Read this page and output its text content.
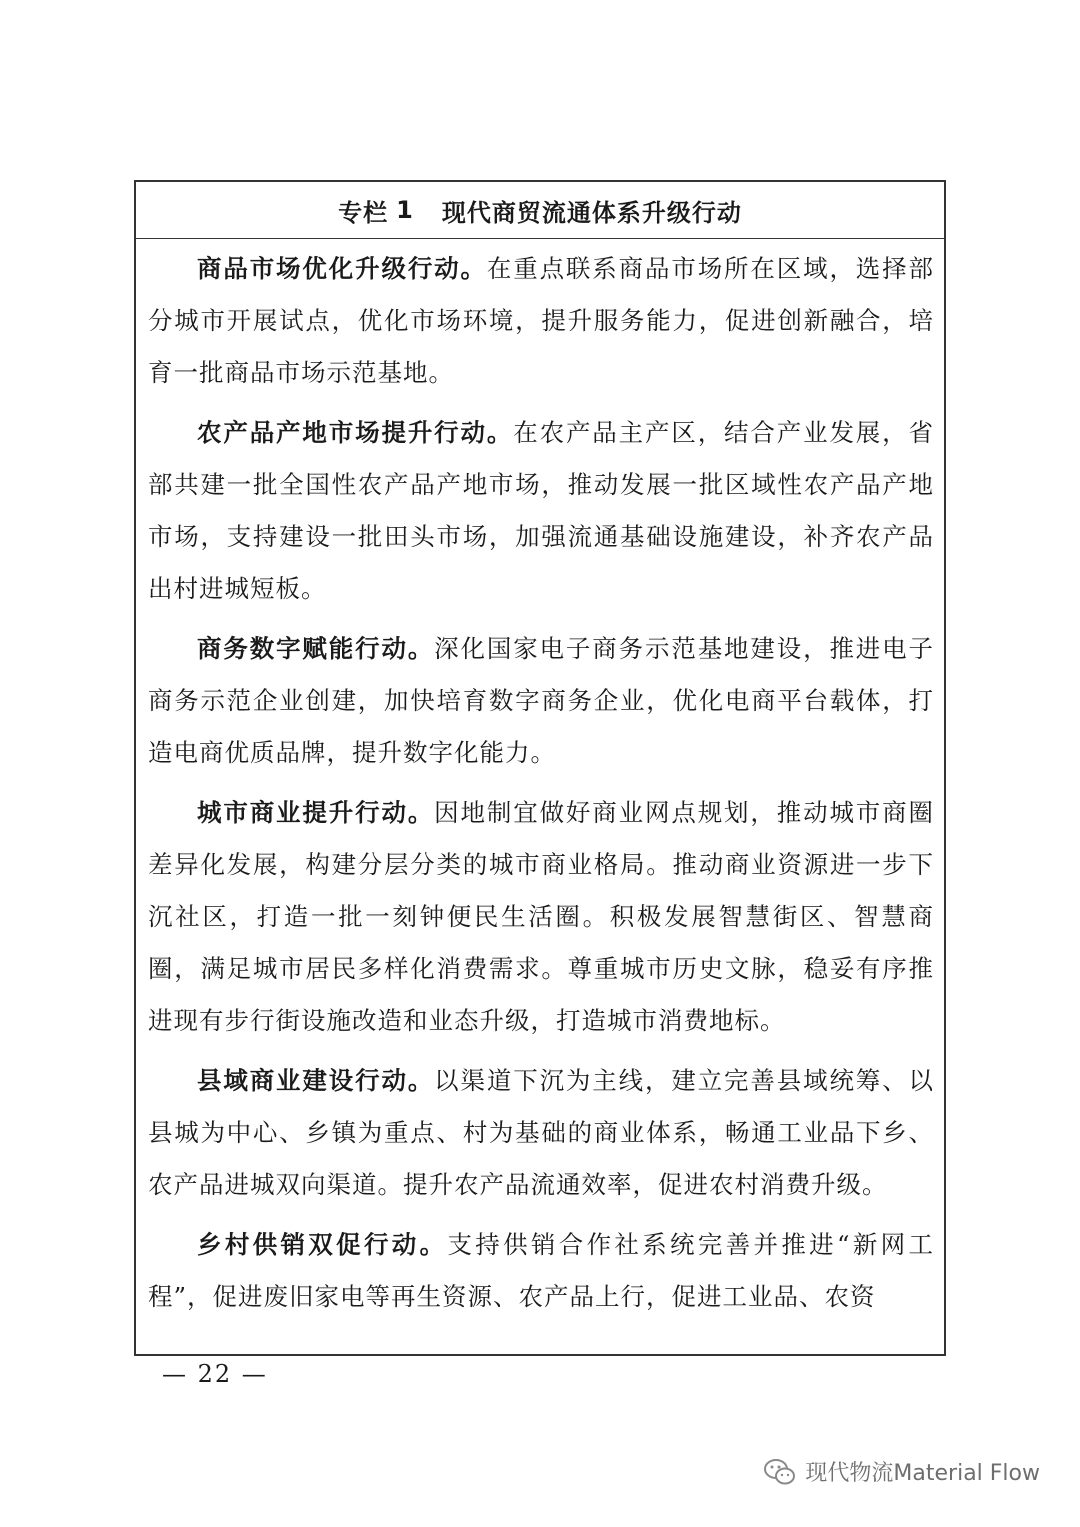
专栏 1 现代商贸流通体系升级行动

商品市场优化升级行动。在重点联系商品市场所在区域，选择部分城市开展试点，优化市场环境，提升服务能力，促进创新融合，培育一批商品市场示范基地。

农产品产地市场提升行动。在农产品主产区，结合产业发展，省部共建一批全国性农产品产地市场，推动发展一批区域性农产品产地市场，支持建设一批田头市场，加强流通基础设施建设，补齐农产品出村进城短板。

商务数字赋能行动。深化国家电子商务示范基地建设，推进电子商务示范企业创建，加快培育数字商务企业，优化电商平台载体，打造电商优质品牌，提升数字化能力。

城市商业提升行动。因地制宜做好商业网点规划，推动城市商圈差异化发展，构建分层分类的城市商业格局。推动商业资源进一步下沉社区，打造一批一刻钟便民生活圈。积极发展智慧街区、智慧商圈，满足城市居民多样化消费需求。尊重城市历史文脉，稳妥有序推进现有步行街设施改造和业态升级，打造城市消费地标。

县域商业建设行动。以渠道下沉为主线，建立完善县域统筹、以县城为中心、乡镇为重点、村为基础的商业体系，畅通工业品下乡、农产品进城双向渠道。提升农产品流通效率，促进农村消费升级。

乡村供销双促行动。支持供销合作社系统完善并推进“新网工程”，促进废旧家电等再生资源、农产品上行，促进工业品、农资

— 22 —
现代物流Material Flow
